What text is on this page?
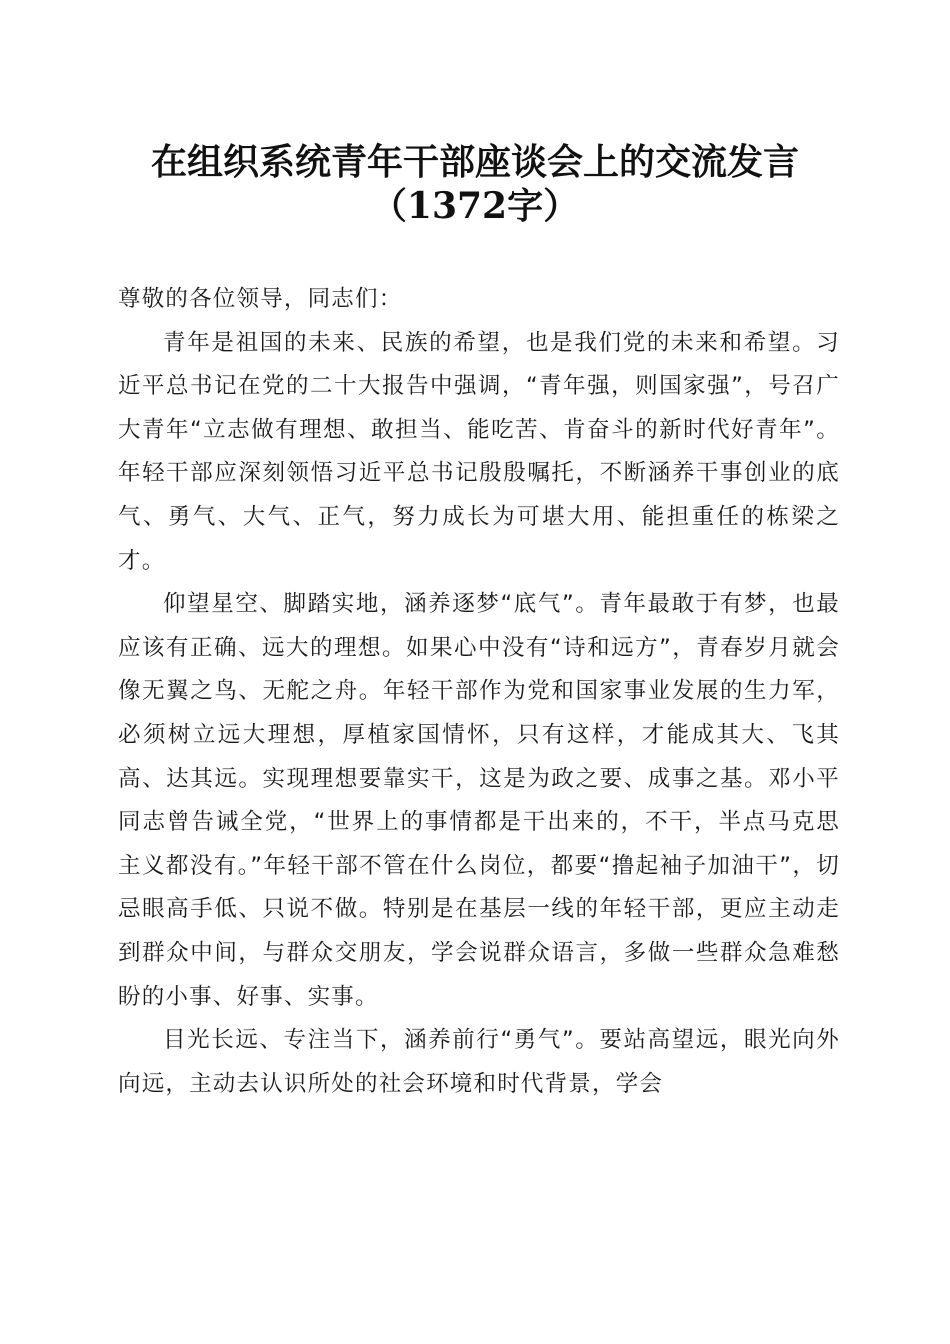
在组织系统青年干部座谈会上的交流发言
（1372字）

尊敬的各位领导，同志们：

青年是祖国的未来、民族的希望，也是我们党的未来和希望。习近平总书记在党的二十大报告中强调，“青年强，则国家强”，号召广大青年“立志做有理想、敢担当、能吃苦、肯奋斗的新时代好青年”。年轻干部应深刻领悟习近平总书记殷殷嘱托，不断涵养干事创业的底气、勇气、大气、正气，努力成长为可堪大用、能担重任的栋梁之才。

仰望星空、脚踏实地，涵养逐梦“底气”。青年最敢于有梦，也最应该有正确、远大的理想。如果心中没有“诗和远方”，青春岁月就会像无翼之鸟、无舵之舟。年轻干部作为党和国家事业发展的生力军，必须树立远大理想，厚植家国情怀，只有这样，才能成其大、飞其高、达其远。实现理想要靠实干，这是为政之要、成事之基。邓小平同志曾告诫全党，“世界上的事情都是干出来的，不干，半点马克思主义都没有。”年轻干部不管在什么岗位，都要“撸起袖子加油干”，切忌眼高手低、只说不做。特别是在基层一线的年轻干部，更应主动走到群众中间，与群众交朋友，学会说群众语言，多做一些群众急难愁盼的小事、好事、实事。

目光长远、专注当下，涵养前行“勇气”。要站高望远，眼光向外向远，主动去认识所处的社会环境和时代背景，学会
